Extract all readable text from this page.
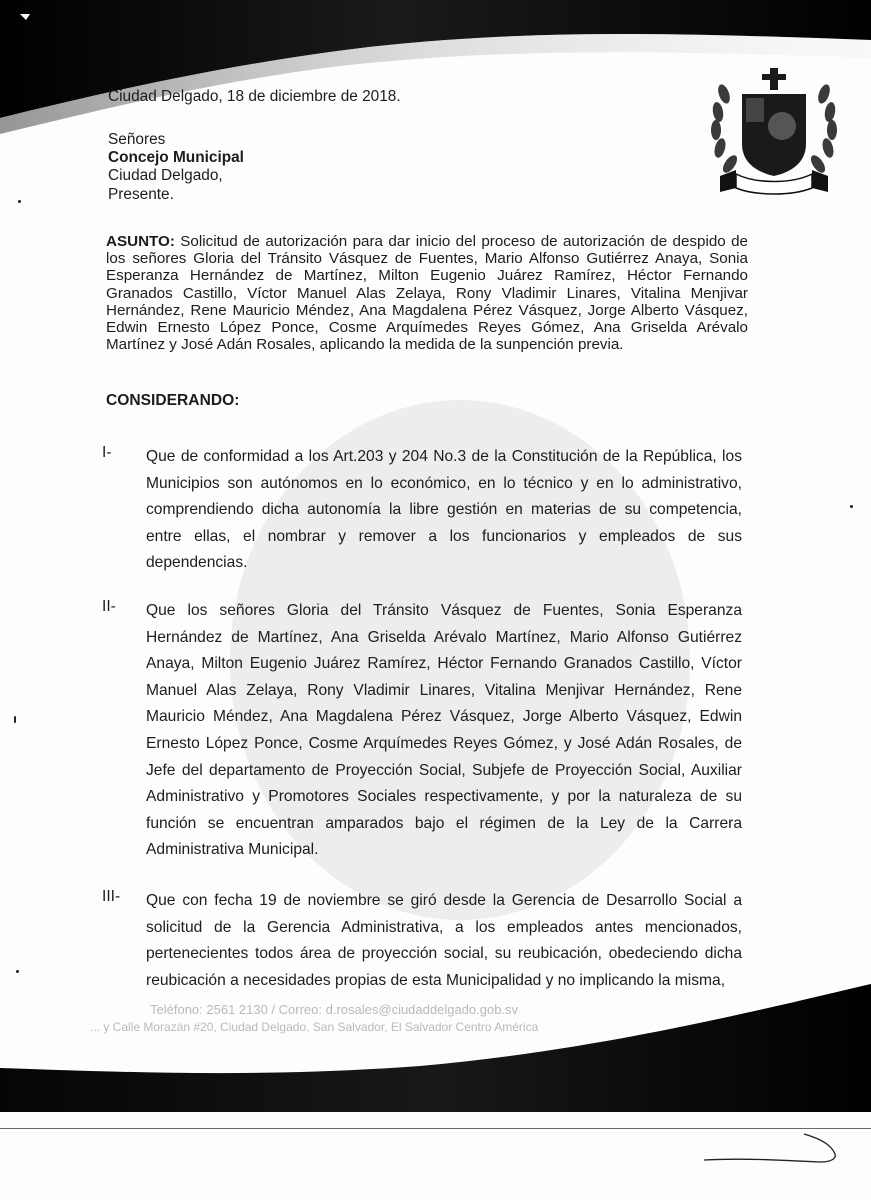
Ciudad Delgado, 18 de diciembre de 2018.
Señores
Concejo Municipal
Ciudad Delgado,
Presente.
ASUNTO: Solicitud de autorización para dar inicio del proceso de autorización de despido de los señores Gloria del Tránsito Vásquez de Fuentes, Mario Alfonso Gutiérrez Anaya, Sonia Esperanza Hernández de Martínez, Milton Eugenio Juárez Ramírez, Héctor Fernando Granados Castillo, Víctor Manuel Alas Zelaya, Rony Vladimir Linares, Vitalina Menjivar Hernández, Rene Mauricio Méndez, Ana Magdalena Pérez Vásquez, Jorge Alberto Vásquez, Edwin Ernesto López Ponce, Cosme Arquímedes Reyes Gómez, Ana Griselda Arévalo Martínez y José Adán Rosales, aplicando la medida de la sunpención previa.
CONSIDERANDO:
I- Que de conformidad a los Art.203 y 204 No.3 de la Constitución de la República, los Municipios son autónomos en lo económico, en lo técnico y en lo administrativo, comprendiendo dicha autonomía la libre gestión en materias de su competencia, entre ellas, el nombrar y remover a los funcionarios y empleados de sus dependencias.
II- Que los señores Gloria del Tránsito Vásquez de Fuentes, Sonia Esperanza Hernández de Martínez, Ana Griselda Arévalo Martínez, Mario Alfonso Gutiérrez Anaya, Milton Eugenio Juárez Ramírez, Héctor Fernando Granados Castillo, Víctor Manuel Alas Zelaya, Rony Vladimir Linares, Vitalina Menjivar Hernández, Rene Mauricio Méndez, Ana Magdalena Pérez Vásquez, Jorge Alberto Vásquez, Edwin Ernesto López Ponce, Cosme Arquímedes Reyes Gómez, y José Adán Rosales, de Jefe del departamento de Proyección Social, Subjefe de Proyección Social, Auxiliar Administrativo y Promotores Sociales respectivamente, y por la naturaleza de su función se encuentran amparados bajo el régimen de la Ley de la Carrera Administrativa Municipal.
III- Que con fecha 19 de noviembre se giró desde la Gerencia de Desarrollo Social a solicitud de la Gerencia Administrativa, a los empleados antes mencionados, pertenecientes todos área de proyección social, su reubicación, obedeciendo dicha reubicación a necesidades propias de esta Municipalidad y no implicando la misma,
Teléfono: 2561 2130 / Correo: d.rosales@ciudaddelgado.gob.sv
... y Calle Morazán #20, Ciudad Delgado, San Salvador, El Salvador Centro América
